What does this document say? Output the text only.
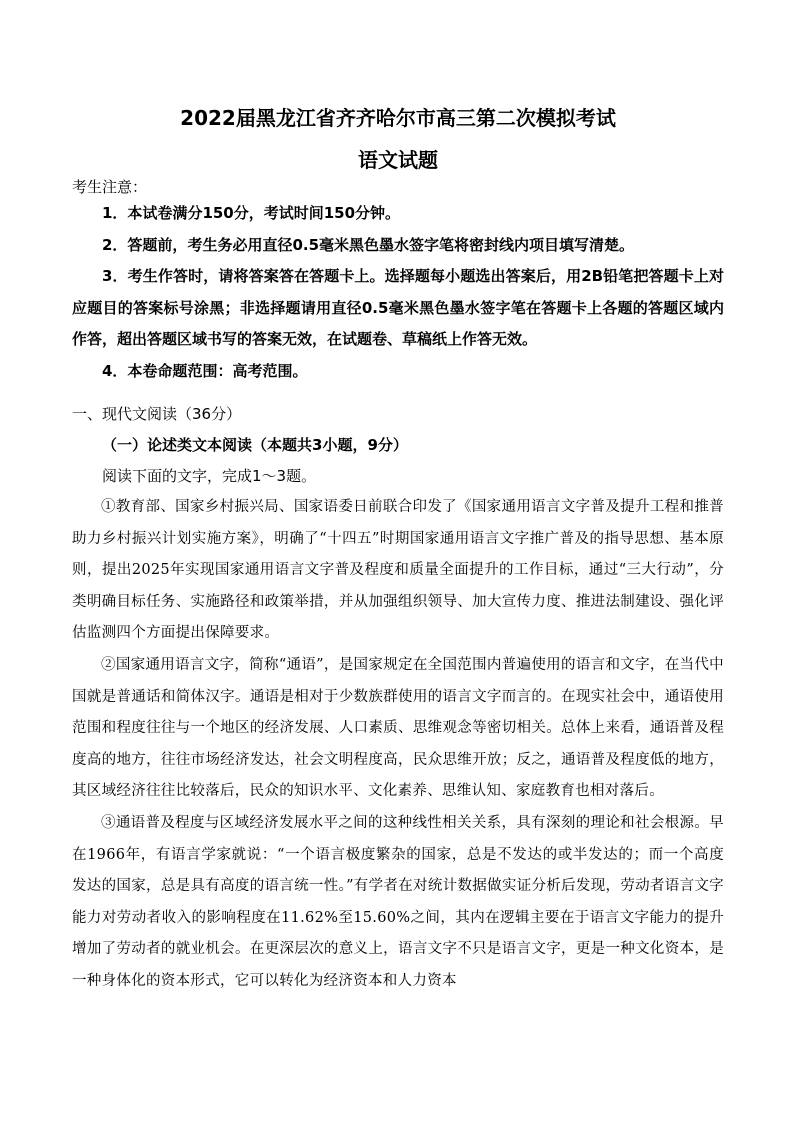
2022届黑龙江省齐齐哈尔市高三第二次模拟考试
语文试题

考生注意：

1．本试卷满分150分，考试时间150分钟。

2．答题前，考生务必用直径0.5毫米黑色墨水签字笔将密封线内项目填写清楚。

3．考生作答时，请将答案答在答题卡上。选择题每小题选出答案后，用2B铅笔把答题卡上对应题目的答案标号涂黑；非选择题请用直径0.5毫米黑色墨水签字笔在答题卡上各题的答题区域内作答，超出答题区域书写的答案无效，在试题卷、草稿纸上作答无效。

4．本卷命题范围：高考范围。

一、现代文阅读（36分）

（一）论述类文本阅读（本题共3小题，9分）

阅读下面的文字，完成1～3题。

①教育部、国家乡村振兴局、国家语委日前联合印发了《国家通用语言文字普及提升工程和推普助力乡村振兴计划实施方案》，明确了“十四五”时期国家通用语言文字推广普及的指导思想、基本原则，提出2025年实现国家通用语言文字普及程度和质量全面提升的工作目标，通过“三大行动”，分类明确目标任务、实施路径和政策举措，并从加强组织领导、加大宣传力度、推进法制建设、强化评估监测四个方面提出保障要求。

②国家通用语言文字，简称“通语”，是国家规定在全国范围内普遍使用的语言和文字，在当代中国就是普通话和简体汉字。通语是相对于少数族群使用的语言文字而言的。在现实社会中，通语使用范围和程度往往与一个地区的经济发展、人口素质、思维观念等密切相关。总体上来看，通语普及程度高的地方，往往市场经济发达，社会文明程度高，民众思维开放；反之，通语普及程度低的地方，其区域经济往往比较落后，民众的知识水平、文化素养、思维认知、家庭教育也相对落后。

③通语普及程度与区域经济发展水平之间的这种线性相关关系，具有深刻的理论和社会根源。早在1966年，有语言学家就说：“一个语言极度繁杂的国家，总是不发达的或半发达的；而一个高度发达的国家，总是具有高度的语言统一性。”有学者在对统计数据做实证分析后发现，劳动者语言文字能力对劳动者收入的影响程度在11.62%至15.60%之间，其内在逻辑主要在于语言文字能力的提升增加了劳动者的就业机会。在更深层次的意义上，语言文字不只是语言文字，更是一种文化资本，是一种身体化的资本形式，它可以转化为经济资本和人力资本
